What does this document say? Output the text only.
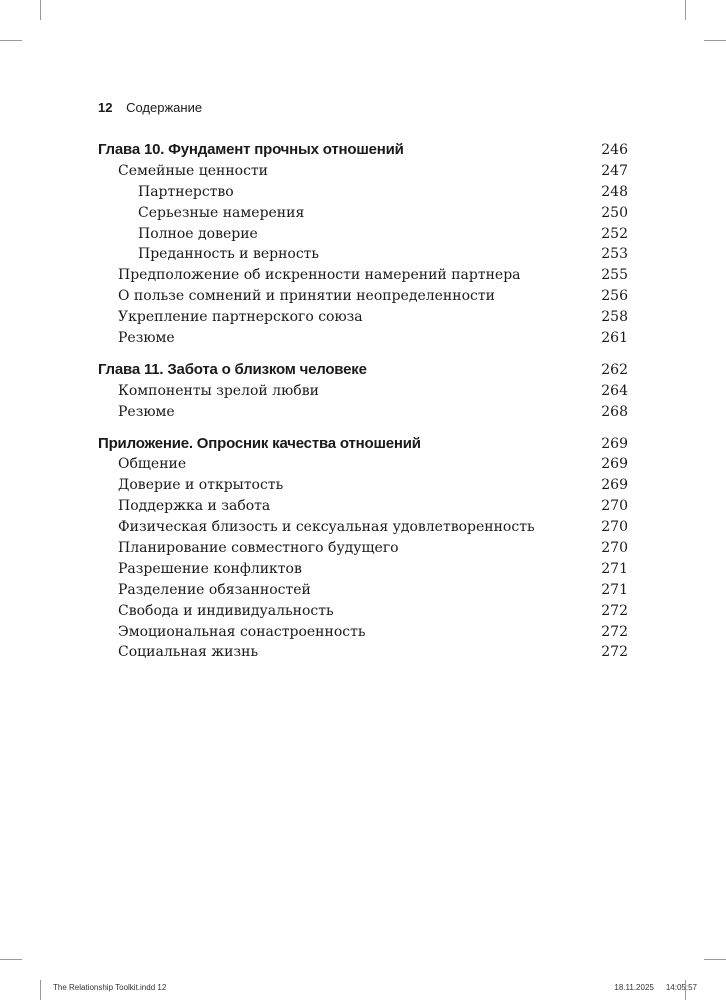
12 Содержание
Глава 10. Фундамент прочных отношений	246
Семейные ценности	247
Партнерство	248
Серьезные намерения	250
Полное доверие	252
Преданность и верность	253
Предположение об искренности намерений партнера	255
О пользе сомнений и принятии неопределенности	256
Укрепление партнерского союза	258
Резюме	261
Глава 11. Забота о близком человеке	262
Компоненты зрелой любви	264
Резюме	268
Приложение. Опросник качества отношений	269
Общение	269
Доверие и открытость	269
Поддержка и забота	270
Физическая близость и сексуальная удовлетворенность	270
Планирование совместного будущего	270
Разрешение конфликтов	271
Разделение обязанностей	271
Свобода и индивидуальность	272
Эмоциональная сонастроенность	272
Социальная жизнь	272
The Relationship Toolkit.indd 12	18.11.2025 14:05:57
